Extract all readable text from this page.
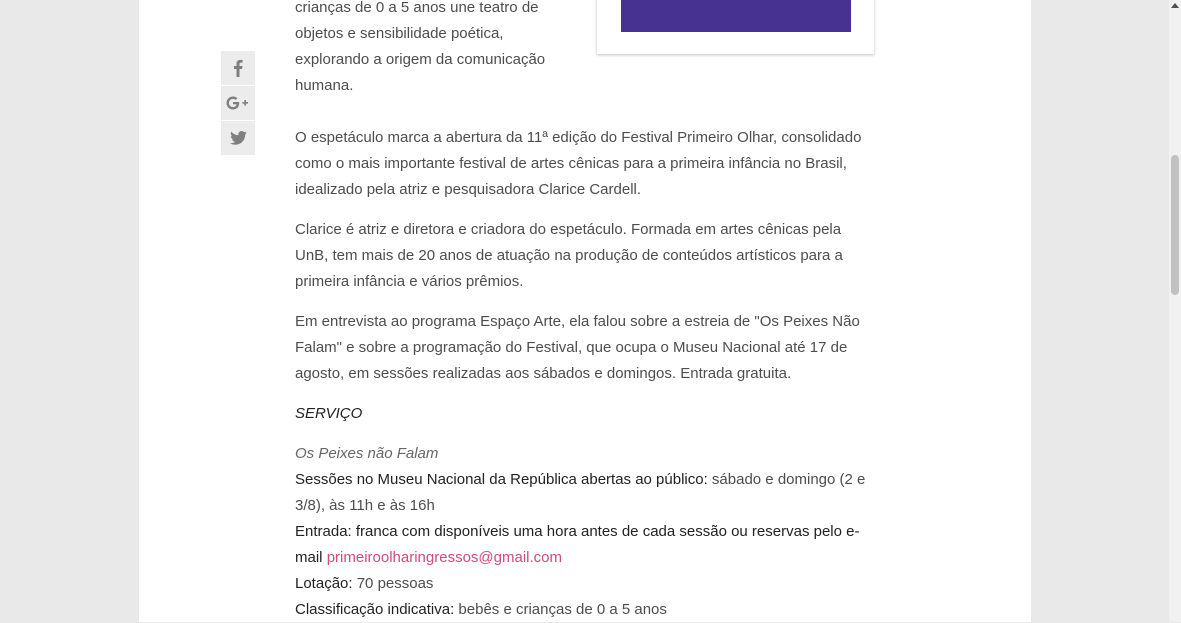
crianças de 0 a 5 anos une teatro de

objetos e sensibilidade poética,

explorando a origem da comunicação

humana.

O espetáculo marca a abertura da 11ª edição do Festival Primeiro Olhar, consolidado como o mais importante festival de artes cênicas para a primeira infância no Brasil, idealizado pela atriz e pesquisadora Clarice Cardell.

Clarice é atriz e diretora e criadora do espetáculo. Formada em artes cênicas pela UnB, tem mais de 20 anos de atuação na produção de conteúdos artísticos para a primeira infância e vários prêmios.

Em entrevista ao programa Espaço Arte, ela falou sobre a estreia de "Os Peixes Não Falam" e sobre a programação do Festival, que ocupa o Museu Nacional até 17 de agosto, em sessões realizadas aos sábados e domingos. Entrada gratuita.

SERVIÇO

Os Peixes não Falam
Sessões no Museu Nacional da República abertas ao público: sábado e domingo (2 e 3/8), às 11h e às 16h
Entrada: franca com disponíveis uma hora antes de cada sessão ou reservas pelo e-mail primeiroolharingressos@gmail.com
Lotação: 70 pessoas
Classificação indicativa: bebês e crianças de 0 a 5 anos
